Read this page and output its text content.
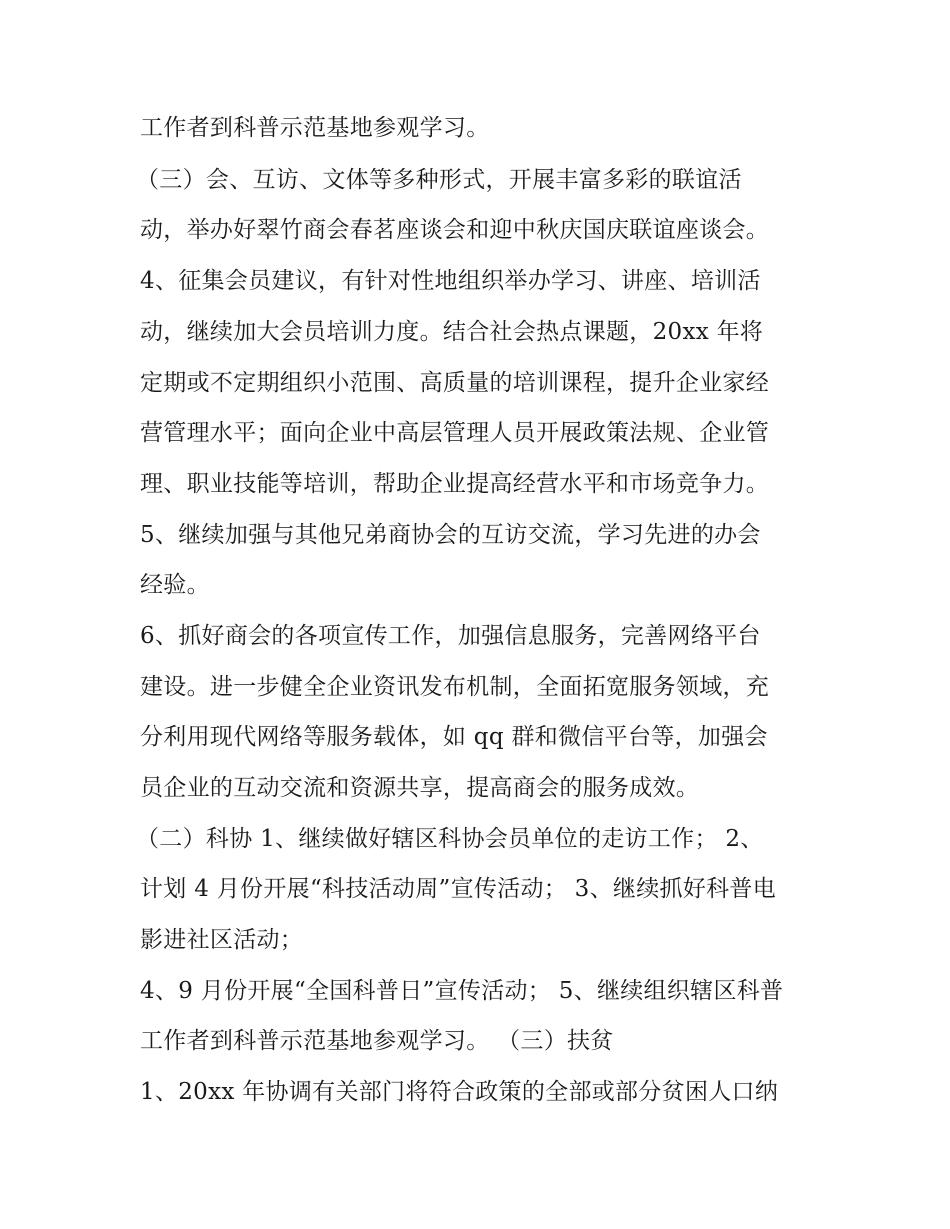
工作者到科普示范基地参观学习。
（三）会、互访、文体等多种形式，开展丰富多彩的联谊活
动，举办好翠竹商会春茗座谈会和迎中秋庆国庆联谊座谈会。
4、征集会员建议，有针对性地组织举办学习、讲座、培训活
动，继续加大会员培训力度。结合社会热点课题，20xx 年将
定期或不定期组织小范围、高质量的培训课程，提升企业家经
营管理水平；面向企业中高层管理人员开展政策法规、企业管
理、职业技能等培训，帮助企业提高经营水平和市场竞争力。
5、继续加强与其他兄弟商协会的互访交流，学习先进的办会
经验。
6、抓好商会的各项宣传工作，加强信息服务，完善网络平台
建设。进一步健全企业资讯发布机制，全面拓宽服务领域，充
分利用现代网络等服务载体，如 qq 群和微信平台等，加强会
员企业的互动交流和资源共享，提高商会的服务成效。
（二）科协 1、继续做好辖区科协会员单位的走访工作； 2、
计划 4 月份开展“科技活动周”宣传活动； 3、继续抓好科普电
影进社区活动；
4、9 月份开展“全国科普日”宣传活动； 5、继续组织辖区科普
工作者到科普示范基地参观学习。 （三）扶贫
1、20xx 年协调有关部门将符合政策的全部或部分贫困人口纳
